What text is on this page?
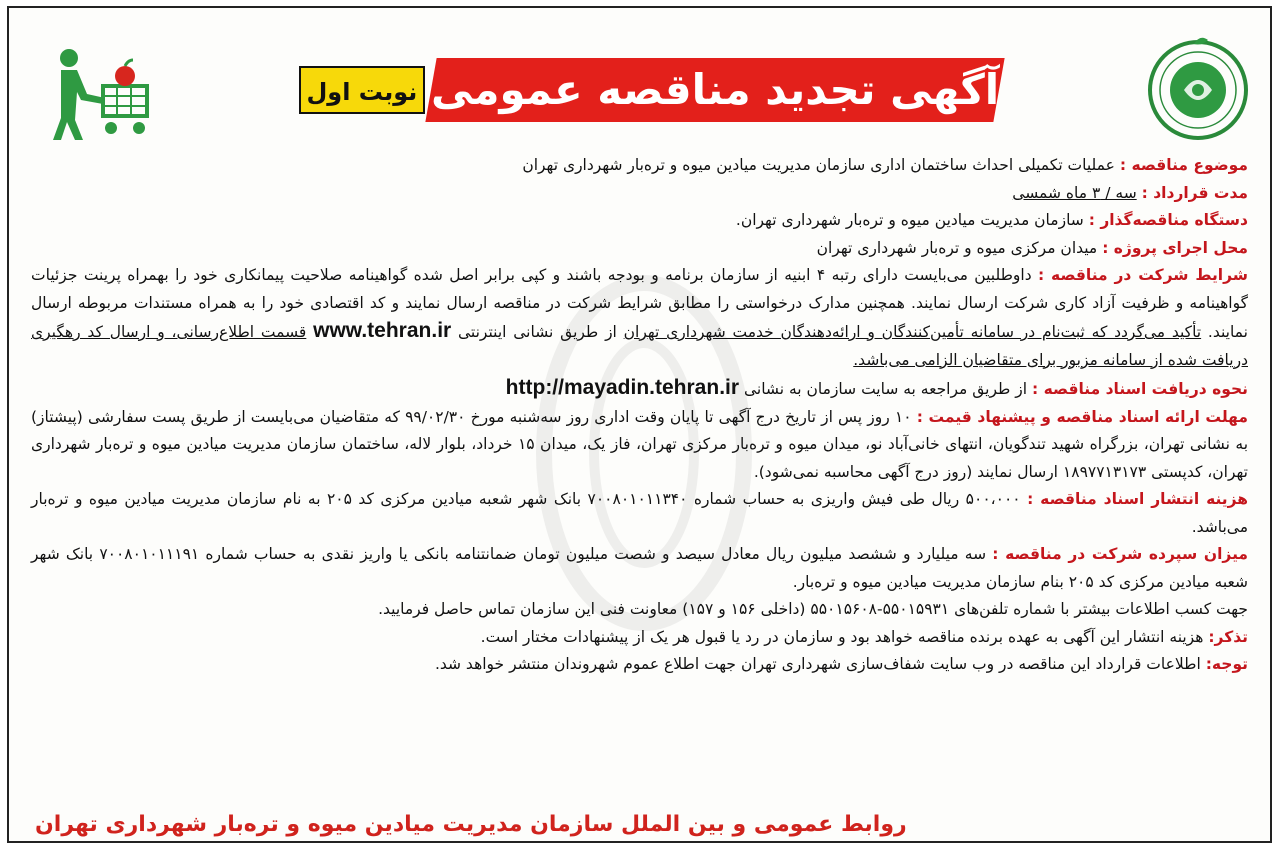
آگهی تجدید مناقصه عمومی
نوبت اول

موضوع مناقصه : عملیات تکمیلی احداث ساختمان اداری سازمان مدیریت میادین میوه و تره‌بار شهرداری تهران

مدت قرارداد : سه / ۳ ماه شمسی

دستگاه مناقصه‌گذار : سازمان مدیریت میادین میوه و تره‌بار شهرداری تهران.

محل اجرای پروژه : میدان مرکزی میوه و تره‌بار شهرداری تهران

شرایط شرکت در مناقصه : داوطلبین می‌بایست دارای رتبه ۴ ابنیه از سازمان برنامه و بودجه باشند و کپی برابر اصل شده گواهینامه صلاحیت پیمانکاری خود را بهمراه پرینت جزئیات گواهینامه و ظرفیت آزاد کاری شرکت ارسال نمایند. همچنین مدارک درخواستی را مطابق شرایط شرکت در مناقصه ارسال نمایند و کد اقتصادی خود را به همراه مستندات مربوطه ارسال نمایند. تأکید می‌گردد که ثبت‌نام در سامانه تأمین‌کنندگان و ارائه‌دهندگان خدمت شهرداری تهران از طریق نشانی اینترنتی www.tehran.ir قسمت اطلاع‌رسانی، و ارسال کد رهگیری دریافت شده از سامانه مزبور برای متقاضیان الزامی می‌باشد.

نحوه دریافت اسناد مناقصه : از طریق مراجعه به سایت سازمان به نشانی http://mayadin.tehran.ir

مهلت ارائه اسناد مناقصه و پیشنهاد قیمت : ۱۰ روز پس از تاریخ درج آگهی تا پایان وقت اداری روز سه‌شنبه مورخ ۹۹/۰۲/۳۰ که متقاضیان می‌بایست از طریق پست سفارشی (پیشتاز) به نشانی تهران، بزرگراه شهید تندگویان، انتهای خانی‌آباد نو، میدان میوه و تره‌بار مرکزی تهران، فاز یک، میدان ۱۵ خرداد، بلوار لاله، ساختمان سازمان مدیریت میادین میوه و تره‌بار شهرداری تهران، کدپستی ۱۸۹۷۷۱۳۱۷۳ ارسال نمایند (روز درج آگهی محاسبه نمی‌شود).

هزینه انتشار اسناد مناقصه : ۵۰۰،۰۰۰ ریال طی فیش واریزی به حساب شماره ۷۰۰۸۰۱۰۱۱۳۴۰ بانک شهر شعبه میادین مرکزی کد ۲۰۵ به نام سازمان مدیریت میادین میوه و تره‌بار می‌باشد.

میزان سپرده شرکت در مناقصه : سه میلیارد و ششصد میلیون ریال معادل سیصد و شصت میلیون تومان ضمانتنامه بانکی یا واریز نقدی به حساب شماره ۷۰۰۸۰۱۰۱۱۱۹۱ بانک شهر شعبه میادین مرکزی کد ۲۰۵ بنام سازمان مدیریت میادین میوه و تره‌بار.

جهت کسب اطلاعات بیشتر با شماره تلفن‌های ۵۵۰۱۵۹۳۱-۵۵۰۱۵۶۰۸ (داخلی ۱۵۶ و ۱۵۷) معاونت فنی این سازمان تماس حاصل فرمایید.

تذکر: هزینه انتشار این آگهی به عهده برنده مناقصه خواهد بود و سازمان در رد یا قبول هر یک از پیشنهادات مختار است.

توجه: اطلاعات قرارداد این مناقصه در وب سایت شفاف‌سازی شهرداری تهران جهت اطلاع عموم شهروندان منتشر خواهد شد.

روابط عمومی و بین الملل سازمان مدیریت میادین میوه و تره‌بار شهرداری تهران
